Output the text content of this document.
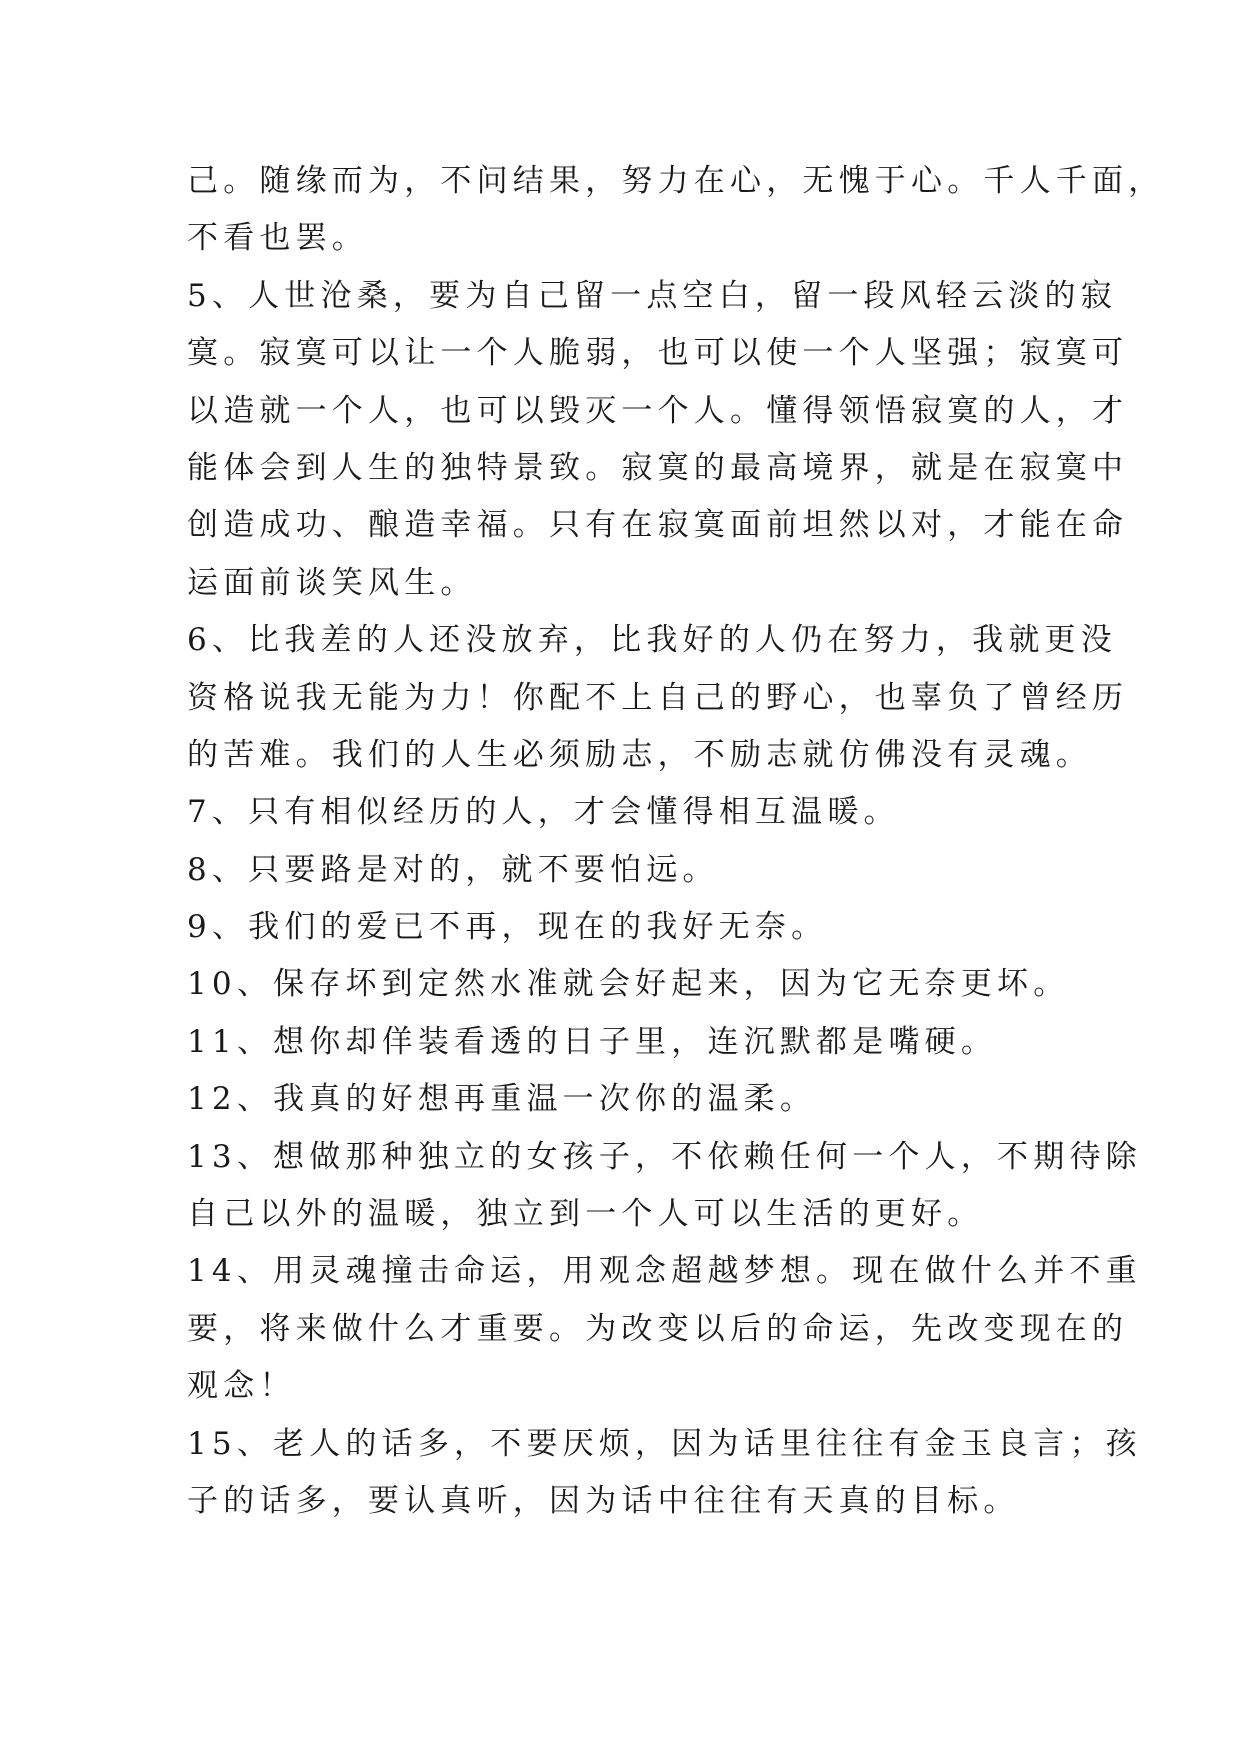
己。随缘而为，不问结果，努力在心，无愧于心。千人千面，
不看也罢。
5、人世沧桑，要为自己留一点空白，留一段风轻云淡的寂
寞。寂寞可以让一个人脆弱，也可以使一个人坚强；寂寞可
以造就一个人，也可以毁灭一个人。懂得领悟寂寞的人，才
能体会到人生的独特景致。寂寞的最高境界，就是在寂寞中
创造成功、酿造幸福。只有在寂寞面前坦然以对，才能在命
运面前谈笑风生。
6、比我差的人还没放弃，比我好的人仍在努力，我就更没
资格说我无能为力！你配不上自己的野心，也辜负了曾经历
的苦难。我们的人生必须励志，不励志就仿佛没有灵魂。
7、只有相似经历的人，才会懂得相互温暖。
8、只要路是对的，就不要怕远。
9、我们的爱已不再，现在的我好无奈。
10、保存坏到定然水准就会好起来，因为它无奈更坏。
11、想你却佯装看透的日子里，连沉默都是嘴硬。
12、我真的好想再重温一次你的温柔。
13、想做那种独立的女孩子，不依赖任何一个人，不期待除
自己以外的温暖，独立到一个人可以生活的更好。
14、用灵魂撞击命运，用观念超越梦想。现在做什么并不重
要，将来做什么才重要。为改变以后的命运，先改变现在的
观念！
15、老人的话多，不要厌烦，因为话里往往有金玉良言；孩
子的话多，要认真听，因为话中往往有天真的目标。
